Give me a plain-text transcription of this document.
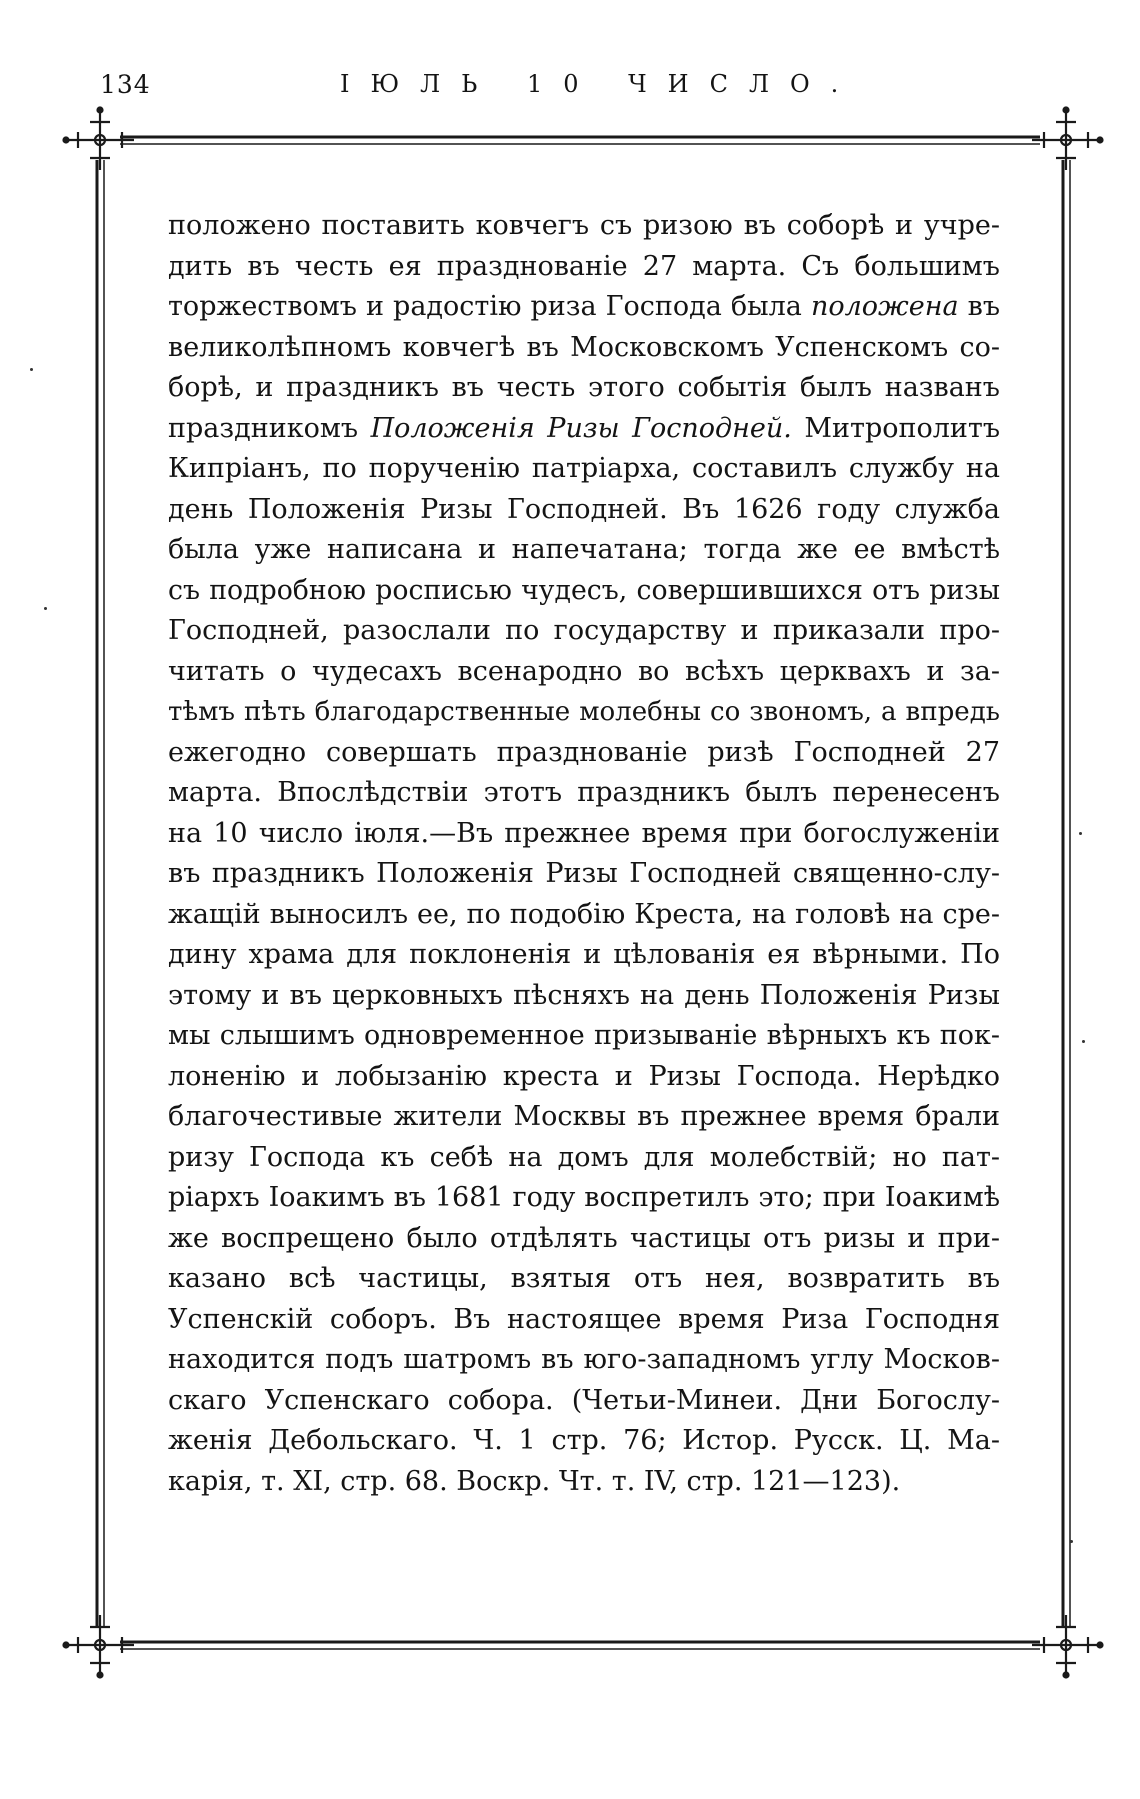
134	ІЮЛЬ 10 ЧИСЛО.
положено поставить ковчегъ съ ризою въ соборѣ и учре-
дить въ честь ея празднованіе 27 марта. Съ большимъ
торжествомъ и радостію риза Господа была положена въ
великолѣпномъ ковчегѣ въ Московскомъ Успенскомъ со-
борѣ, и праздникъ въ честь этого событія былъ названъ
праздникомъ Положенія Ризы Господней. Митрополитъ
Кипріанъ, по порученію патріарха, составилъ службу на
день Положенія Ризы Господней. Въ 1626 году служба
была уже написана и напечатана; тогда же ее вмѣстѣ
съ подробною росписью чудесъ, совершившихся отъ ризы
Господней, разослали по государству и приказали про-
читать о чудесахъ всенародно во всѣхъ церквахъ и за-
тѣмъ пѣть благодарственные молебны со звономъ, а впредь
ежегодно совершать празднованіе ризѣ Господней 27
марта. Впослѣдствіи этотъ праздникъ былъ перенесенъ
на 10 число іюля.—Въ прежнее время при богослуженіи
въ праздникъ Положенія Ризы Господней священно-слу-
жащій выносилъ ее, по подобію Креста, на головѣ на сре-
дину храма для поклоненія и цѣлованія ея вѣрными. По
этому и въ церковныхъ пѣсняхъ на день Положенія Ризы
мы слышимъ одновременное призываніе вѣрныхъ къ пок-
лоненію и лобызанію креста и Ризы Господа. Нерѣдко
благочестивые жители Москвы въ прежнее время брали
ризу Господа къ себѣ на домъ для молебствій; но пат-
ріархъ Іоакимъ въ 1681 году воспретилъ это; при Іоакимѣ
же воспрещено было отдѣлять частицы отъ ризы и при-
казано всѣ частицы, взятыя отъ нея, возвратить въ
Успенскій соборъ. Въ настоящее время Риза Господня
находится подъ шатромъ въ юго-западномъ углу Москов-
скаго Успенскаго собора. (Четьи-Минеи. Дни Богослу-
женія Дебольскаго. Ч. 1 стр. 76; Истор. Русск. Ц. Ма-
карія, т. XI, стр. 68. Воскр. Чт. т. IV, стр. 121—123).
